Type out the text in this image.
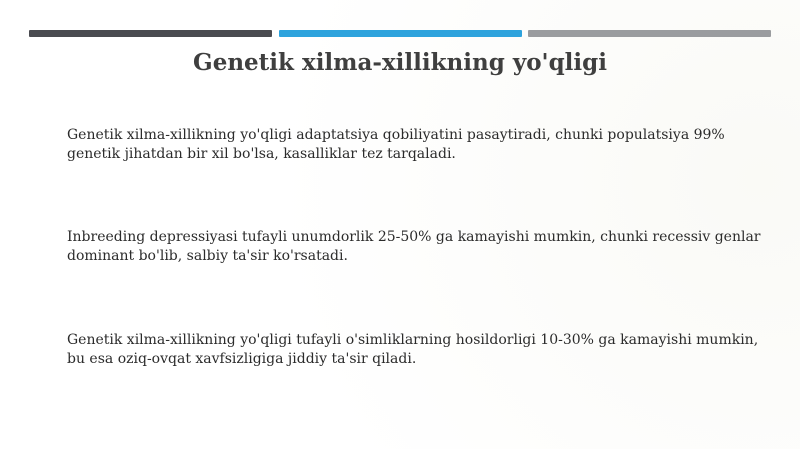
Genetik xilma-xillikning yo'qligi
Genetik xilma-xillikning yo'qligi adaptatsiya qobiliyatini pasaytiradi, chunki populatsiya 99% genetik jihatdan bir xil bo'lsa, kasalliklar tez tarqaladi.
Inbreeding depressiyasi tufayli unumdorlik 25-50% ga kamayishi mumkin, chunki recessiv genlar dominant bo'lib, salbiy ta'sir ko'rsatadi.
Genetik xilma-xillikning yo'qligi tufayli o'simliklarning hosildorligi 10-30% ga kamayishi mumkin, bu esa oziq-ovqat xavfsizligiga jiddiy ta'sir qiladi.
